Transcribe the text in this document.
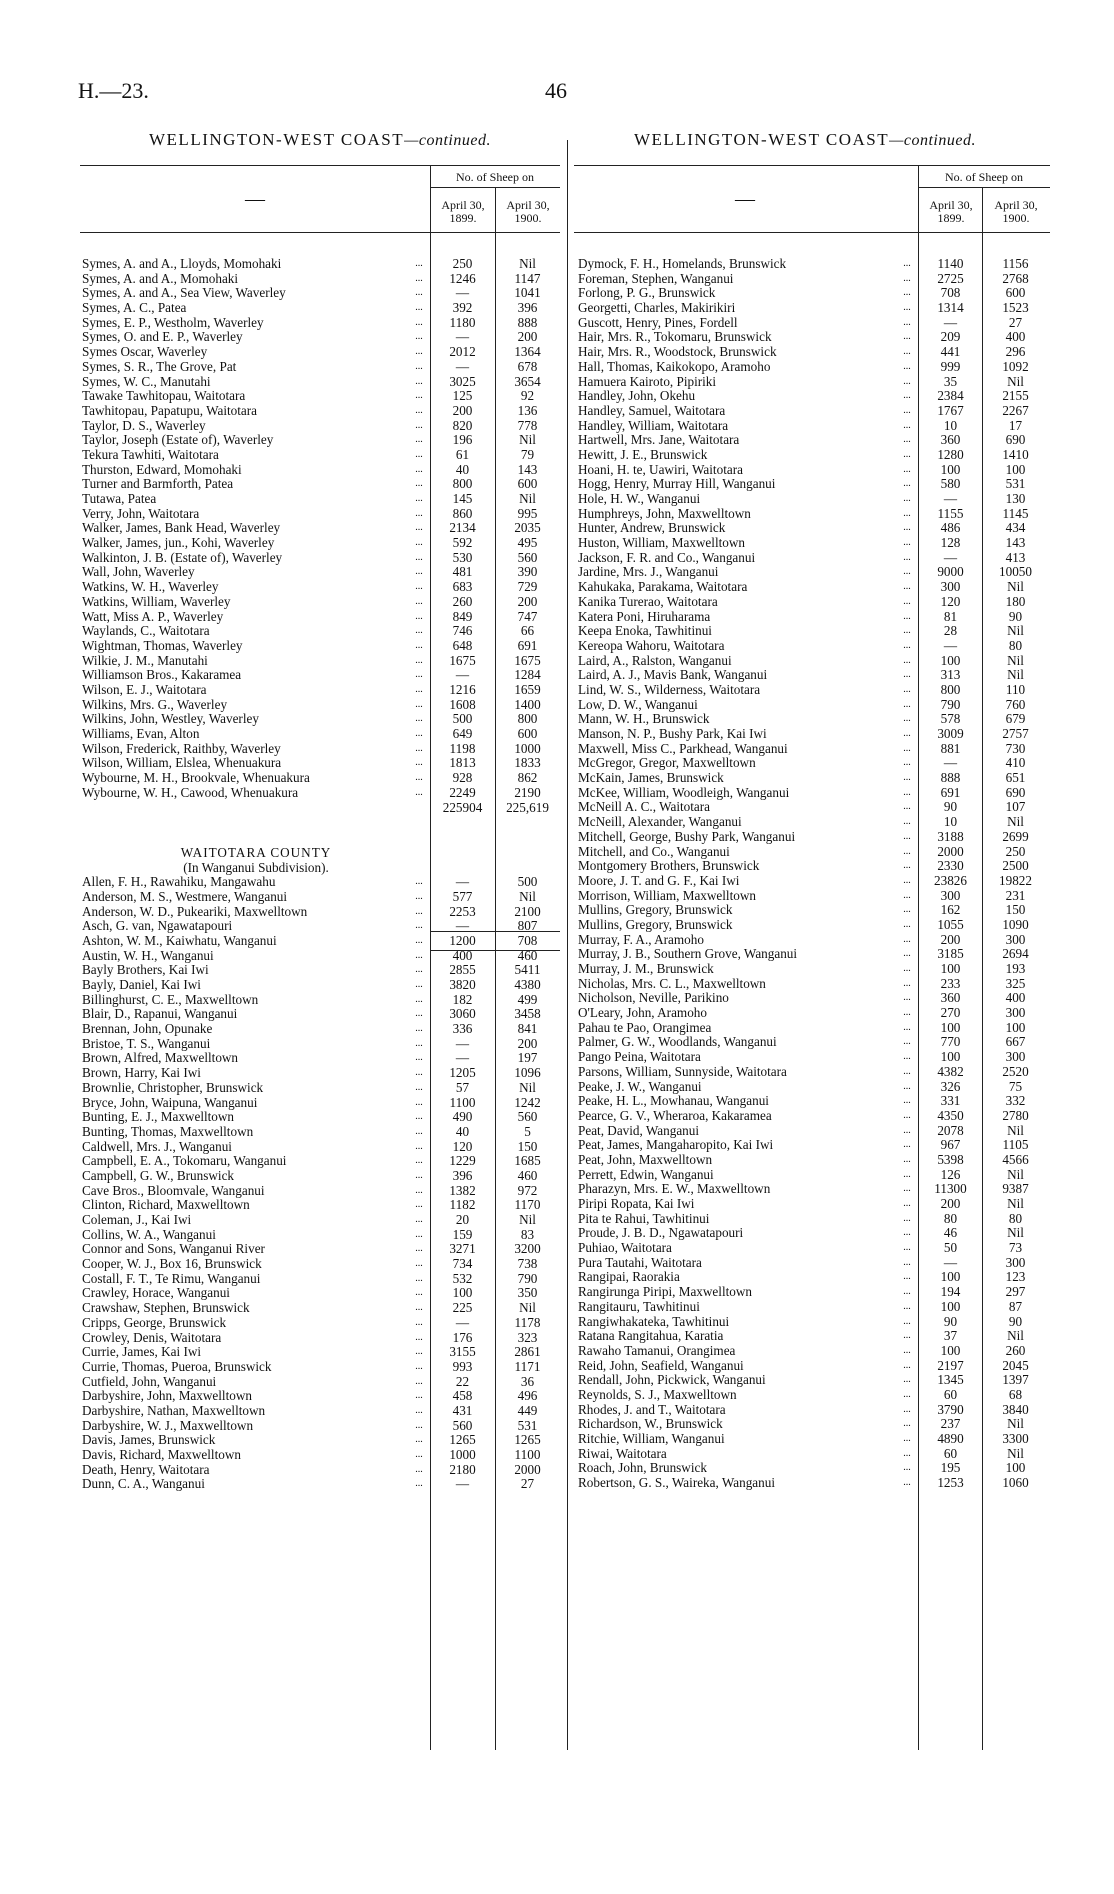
H.—23.	46
WELLINGTON-WEST COAST—continued.	WELLINGTON-WEST COAST—continued.
—
No. of Sheep on
April 30, 1899.
April 30, 1900.
—
No. of Sheep on
April 30, 1899.
April 30, 1900.
Symes, A. and A., Lloyds, Momohaki	...	250	Nil
Symes, A. and A., Momohaki	...	1246	1147
Symes, A. and A., Sea View, Waverley	...	—	1041
Symes, A. C., Patea	...	392	396
Symes, E. P., Westholm, Waverley	...	1180	888
Symes, O. and E. P., Waverley	...	—	200
Symes Oscar, Waverley	...	2012	1364
Symes, S. R., The Grove, Pat	...	—	678
Symes, W. C., Manutahi	...	3025	3654
Tawake Tawhitopau, Waitotara	...	125	92
Tawhitopau, Papatupu, Waitotara	...	200	136
Taylor, D. S., Waverley	...	820	778
Taylor, Joseph (Estate of), Waverley	...	196	Nil
Tekura Tawhiti, Waitotara	...	61	79
Thurston, Edward, Momohaki	...	40	143
Turner and Barmforth, Patea	...	800	600
Tutawa, Patea	...	145	Nil
Verry, John, Waitotara	...	860	995
Walker, James, Bank Head, Waverley	...	2134	2035
Walker, James, jun., Kohi, Waverley	...	592	495
Walkinton, J. B. (Estate of), Waverley	...	530	560
Wall, John, Waverley	...	481	390
Watkins, W. H., Waverley	...	683	729
Watkins, William, Waverley	...	260	200
Watt, Miss A. P., Waverley	...	849	747
Waylands, C., Waitotara	...	746	66
Wightman, Thomas, Waverley	...	648	691
Wilkie, J. M., Manutahi	...	1675	1675
Williamson Bros., Kakaramea	...	—	1284
Wilson, E. J., Waitotara	...	1216	1659
Wilkins, Mrs. G., Waverley	...	1608	1400
Wilkins, John, Westley, Waverley	...	500	800
Williams, Evan, Alton	...	649	600
Wilson, Frederick, Raithby, Waverley	...	1198	1000
Wilson, William, Elslea, Whenuakura	...	1813	1833
Wybourne, M. H., Brookvale, Whenuakura	...	928	862
Wybourne, W. H., Cawood, Whenuakura	...	2249	2190
225904	225,619
WAITOTARA COUNTY
(In Wanganui Subdivision).
Allen, F. H., Rawahiku, Mangawahu	...	—	500
Anderson, M. S., Westmere, Wanganui	...	577	Nil
Anderson, W. D., Pukeariki, Maxwelltown	...	2253	2100
Asch, G. van, Ngawatapouri	...	—	807
Ashton, W. M., Kaiwhatu, Wanganui	...	1200	708
Austin, W. H., Wanganui	...	400	460
Bayly Brothers, Kai Iwi	...	2855	5411
Bayly, Daniel, Kai Iwi	...	3820	4380
Billinghurst, C. E., Maxwelltown	...	182	499
Blair, D., Rapanui, Wanganui	...	3060	3458
Brennan, John, Opunake	...	336	841
Bristoe, T. S., Wanganui	...	—	200
Brown, Alfred, Maxwelltown	...	—	197
Brown, Harry, Kai Iwi	...	1205	1096
Brownlie, Christopher, Brunswick	...	57	Nil
Bryce, John, Waipuna, Wanganui	...	1100	1242
Bunting, E. J., Maxwelltown	...	490	560
Bunting, Thomas, Maxwelltown	...	40	5
Caldwell, Mrs. J., Wanganui	...	120	150
Campbell, E. A., Tokomaru, Wanganui	...	1229	1685
Campbell, G. W., Brunswick	...	396	460
Cave Bros., Bloomvale, Wanganui	...	1382	972
Clinton, Richard, Maxwelltown	...	1182	1170
Coleman, J., Kai Iwi	...	20	Nil
Collins, W. A., Wanganui	...	159	83
Connor and Sons, Wanganui River	...	3271	3200
Cooper, W. J., Box 16, Brunswick	...	734	738
Costall, F. T., Te Rimu, Wanganui	...	532	790
Crawley, Horace, Wanganui	...	100	350
Crawshaw, Stephen, Brunswick	...	225	Nil
Cripps, George, Brunswick	...	—	1178
Crowley, Denis, Waitotara	...	176	323
Currie, James, Kai Iwi	...	3155	2861
Currie, Thomas, Pueroa, Brunswick	...	993	1171
Cutfield, John, Wanganui	...	22	36
Darbyshire, John, Maxwelltown	...	458	496
Darbyshire, Nathan, Maxwelltown	...	431	449
Darbyshire, W. J., Maxwelltown	...	560	531
Davis, James, Brunswick	...	1265	1265
Davis, Richard, Maxwelltown	...	1000	1100
Death, Henry, Waitotara	...	2180	2000
Dunn, C. A., Wanganui	...	—	27
Dymock, F. H., Homelands, Brunswick	...	1140	1156
Foreman, Stephen, Wanganui	...	2725	2768
Forlong, P. G., Brunswick	...	708	600
Georgetti, Charles, Makirikiri	...	1314	1523
Guscott, Henry, Pines, Fordell	...	—	27
Hair, Mrs. R., Tokomaru, Brunswick	...	209	400
Hair, Mrs. R., Woodstock, Brunswick	...	441	296
Hall, Thomas, Kaikokopo, Aramoho	...	999	1092
Hamuera Kairoto, Pipiriki	...	35	Nil
Handley, John, Okehu	...	2384	2155
Handley, Samuel, Waitotara	...	1767	2267
Handley, William, Waitotara	...	10	17
Hartwell, Mrs. Jane, Waitotara	...	360	690
Hewitt, J. E., Brunswick	...	1280	1410
Hoani, H. te, Uawiri, Waitotara	...	100	100
Hogg, Henry, Murray Hill, Wanganui	...	580	531
Hole, H. W., Wanganui	...	—	130
Humphreys, John, Maxwelltown	...	1155	1145
Hunter, Andrew, Brunswick	...	486	434
Huston, William, Maxwelltown	...	128	143
Jackson, F. R. and Co., Wanganui	...	—	413
Jardine, Mrs. J., Wanganui	...	9000	10050
Kahukaka, Parakama, Waitotara	...	300	Nil
Kanika Turerao, Waitotara	...	120	180
Katera Poni, Hiruharama	...	81	90
Keepa Enoka, Tawhitinui	...	28	Nil
Kereopa Wahoru, Waitotara	...	—	80
Laird, A., Ralston, Wanganui	...	100	Nil
Laird, A. J., Mavis Bank, Wanganui	...	313	Nil
Lind, W. S., Wilderness, Waitotara	...	800	110
Low, D. W., Wanganui	...	790	760
Mann, W. H., Brunswick	...	578	679
Manson, N. P., Bushy Park, Kai Iwi	...	3009	2757
Maxwell, Miss C., Parkhead, Wanganui	...	881	730
McGregor, Gregor, Maxwelltown	...	—	410
McKain, James, Brunswick	...	888	651
McKee, William, Woodleigh, Wanganui	...	691	690
McNeill A. C., Waitotara	...	90	107
McNeill, Alexander, Wanganui	...	10	Nil
Mitchell, George, Bushy Park, Wanganui	...	3188	2699
Mitchell, and Co., Wanganui	...	2000	250
Montgomery Brothers, Brunswick	...	2330	2500
Moore, J. T. and G. F., Kai Iwi	...	23826	19822
Morrison, William, Maxwelltown	...	300	231
Mullins, Gregory, Brunswick	...	162	150
Mullins, Gregory, Brunswick	...	1055	1090
Murray, F. A., Aramoho	...	200	300
Murray, J. B., Southern Grove, Wanganui	...	3185	2694
Murray, J. M., Brunswick	...	100	193
Nicholas, Mrs. C. L., Maxwelltown	...	233	325
Nicholson, Neville, Parikino	...	360	400
O'Leary, John, Aramoho	...	270	300
Pahau te Pao, Orangimea	...	100	100
Palmer, G. W., Woodlands, Wanganui	...	770	667
Pango Peina, Waitotara	...	100	300
Parsons, William, Sunnyside, Waitotara	...	4382	2520
Peake, J. W., Wanganui	...	326	75
Peake, H. L., Mowhanau, Wanganui	...	331	332
Pearce, G. V., Wheraroa, Kakaramea	...	4350	2780
Peat, David, Wanganui	...	2078	Nil
Peat, James, Mangaharopito, Kai Iwi	...	967	1105
Peat, John, Maxwelltown	...	5398	4566
Perrett, Edwin, Wanganui	...	126	Nil
Pharazyn, Mrs. E. W., Maxwelltown	...	11300	9387
Piripi Ropata, Kai Iwi	...	200	Nil
Pita te Rahui, Tawhitinui	...	80	80
Proude, J. B. D., Ngawatapouri	...	46	Nil
Puhiao, Waitotara	...	50	73
Pura Tautahi, Waitotara	...	—	300
Rangipai, Raorakia	...	100	123
Rangirunga Piripi, Maxwelltown	...	194	297
Rangitauru, Tawhitinui	...	100	87
Rangiwhakateka, Tawhitinui	...	90	90
Ratana Rangitahua, Karatia	...	37	Nil
Rawaho Tamanui, Orangimea	...	100	260
Reid, John, Seafield, Wanganui	...	2197	2045
Rendall, John, Pickwick, Wanganui	...	1345	1397
Reynolds, S. J., Maxwelltown	...	60	68
Rhodes, J. and T., Waitotara	...	3790	3840
Richardson, W., Brunswick	...	237	Nil
Ritchie, William, Wanganui	...	4890	3300
Riwai, Waitotara	...	60	Nil
Roach, John, Brunswick	...	195	100
Robertson, G. S., Waireka, Wanganui	...	1253	1060
